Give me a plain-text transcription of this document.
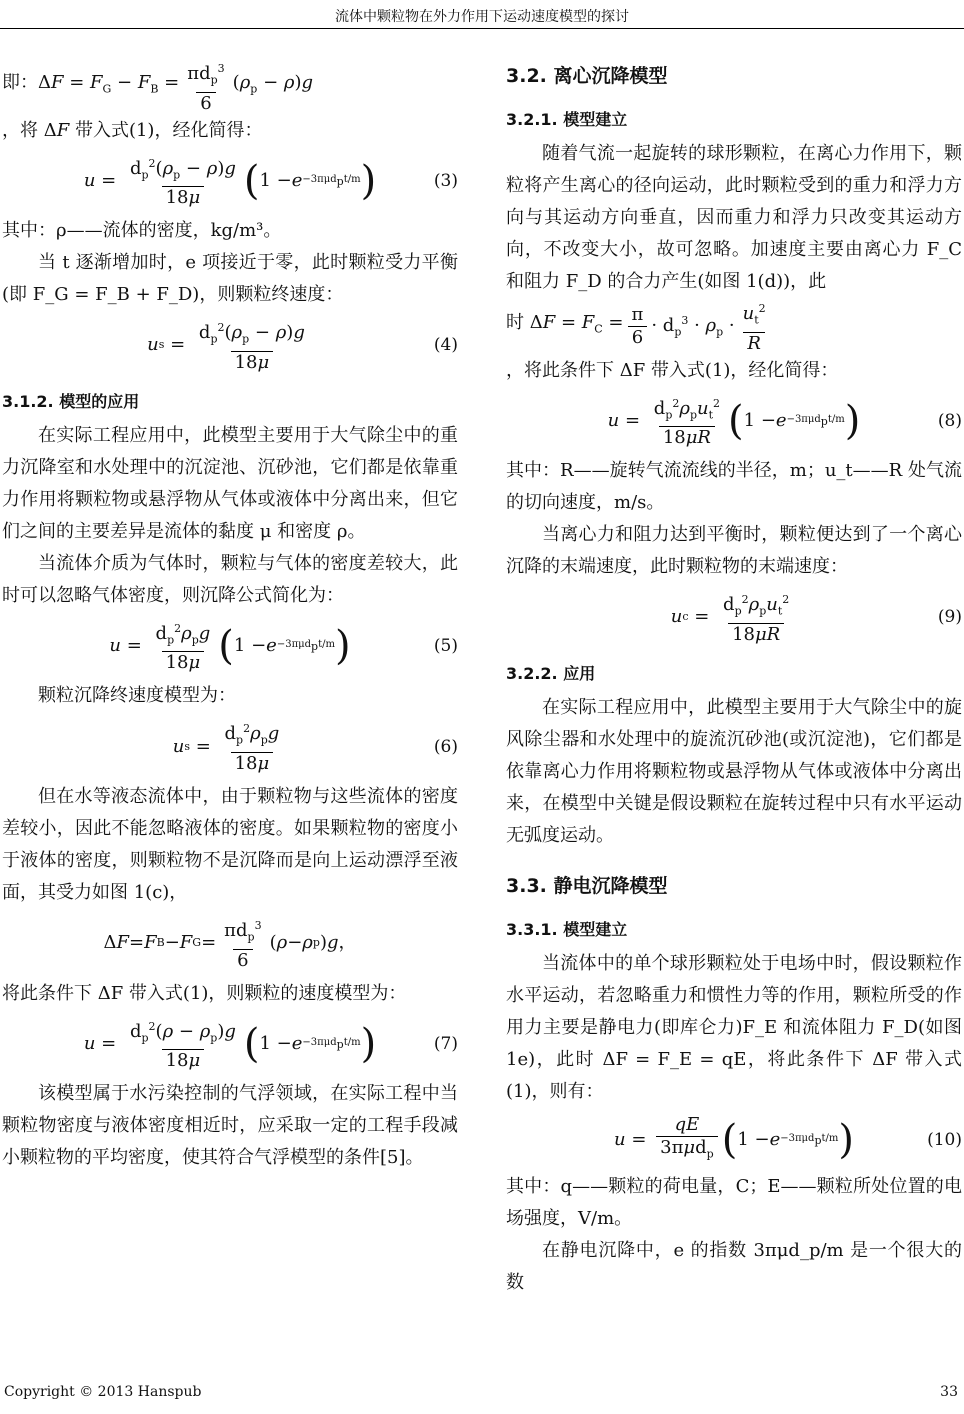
流体中颗粒物在外力作用下运动速度模型的探讨
即：$\Delta F = F_G - F_B = \frac{\pi d_p^3}{6} (\rho_p - \rho)g$

，将 ΔF 带入式(1)，经化简得：

$u = \frac{d_p^2(\rho_p - \rho)g}{18\mu}$ ( 1 − e −3πμd$_p$t/m )	(3)

其中：ρ——流体的密度，kg/m³。

当 t 逐渐增加时，e 项接近于零，此时颗粒受力平衡(即 F_G = F_B + F_D)，则颗粒终速度：

u $s = \frac{d_p^2(\rho_p - \rho)g}{18\mu}$	(4)
3.1.2. 模型的应用

在实际工程应用中，此模型主要用于大气除尘中的重力沉降室和水处理中的沉淀池、沉砂池，它们都是依靠重力作用将颗粒物或悬浮物从气体或液体中分离出来，但它们之间的主要差异是流体的黏度 μ 和密度 ρ。

当流体介质为气体时，颗粒与气体的密度差较大，此时可以忽略气体密度，则沉降公式简化为：

$u = \frac{d_p^2\rho_pg}{18\mu}$ ( 1 − e −3πμd$_p$t/m )	(5)

颗粒沉降终速度模型为：

u $s = \frac{d_p^2\rho_pg}{18\mu}$	(6)

但在水等液态流体中，由于颗粒物与这些流体的密度差较小，因此不能忽略液体的密度。如果颗粒物的密度小于液体的密度，则颗粒物不是沉降而是向上运动漂浮至液面，其受力如图 1(c)，

Δ F = F B − F $G = \frac{\pi d_p^3}{6}$ ( ρ − ρ p ) g ，

将此条件下 ΔF 带入式(1)，则颗粒的速度模型为：

$u = \frac{d_p^2(\rho - \rho_p)g}{18\mu}$ ( 1 − e −3πμd$_p$t/m )	(7)

该模型属于水污染控制的气浮领域，在实际工程中当颗粒物密度与液体密度相近时，应采取一定的工程手段减小颗粒物的平均密度，使其符合气浮模型的条件[5]。

3.2. 离心沉降模型
3.2.1. 模型建立

随着气流一起旋转的球形颗粒，在离心力作用下，颗粒将产生离心的径向运动，此时颗粒受到的重力和浮力方向与其运动方向垂直，因而重力和浮力只改变其运动方向，不改变大小，故可忽略。加速度主要由离心力 F_C 和阻力 F_D 的合力产生(如图 1(d))，此

时 $\Delta F = F_C = \frac{\pi}{6} \cdot d_p^3 \cdot \rho_p \cdot \frac{u_t^2}{R}$

，将此条件下 ΔF 带入式(1)，经化简得：

$u = \frac{d_p^2\rho_pu_t^2}{18\mu R}$ ( 1 − e −3πμd$_p$t/m )	(8)

其中：R——旋转气流流线的半径，m；u_t——R 处气流的切向速度，m/s。

当离心力和阻力达到平衡时，颗粒便达到了一个离心沉降的末端速度，此时颗粒物的末端速度：

u $c = \frac{d_p^2\rho_pu_t^2}{18\mu R}$	(9)
3.2.2. 应用

在实际工程应用中，此模型主要用于大气除尘中的旋风除尘器和水处理中的旋流沉砂池(或沉淀池)，它们都是依靠离心力作用将颗粒物或悬浮物从气体或液体中分离出来，在模型中关键是假设颗粒在旋转过程中只有水平运动无弧度运动。

3.3. 静电沉降模型
3.3.1. 模型建立

当流体中的单个球形颗粒处于电场中时，假设颗粒作水平运动，若忽略重力和惯性力等的作用，颗粒所受的作用力主要是静电力(即库仑力)F_E 和流体阻力 F_D(如图 1e)，此时 ΔF = F_E = qE，将此条件下 ΔF 带入式(1)，则有：

$u = \frac{qE}{3\pi\mu d_p}$ ( 1 − e −3πμd$_p$t/m )	(10)

其中：q——颗粒的荷电量，C；E——颗粒所处位置的电场强度，V/m。

在静电沉降中，e 的指数 3πμd_p/m 是一个很大的数

Copyright © 2013 Hanspub	33
